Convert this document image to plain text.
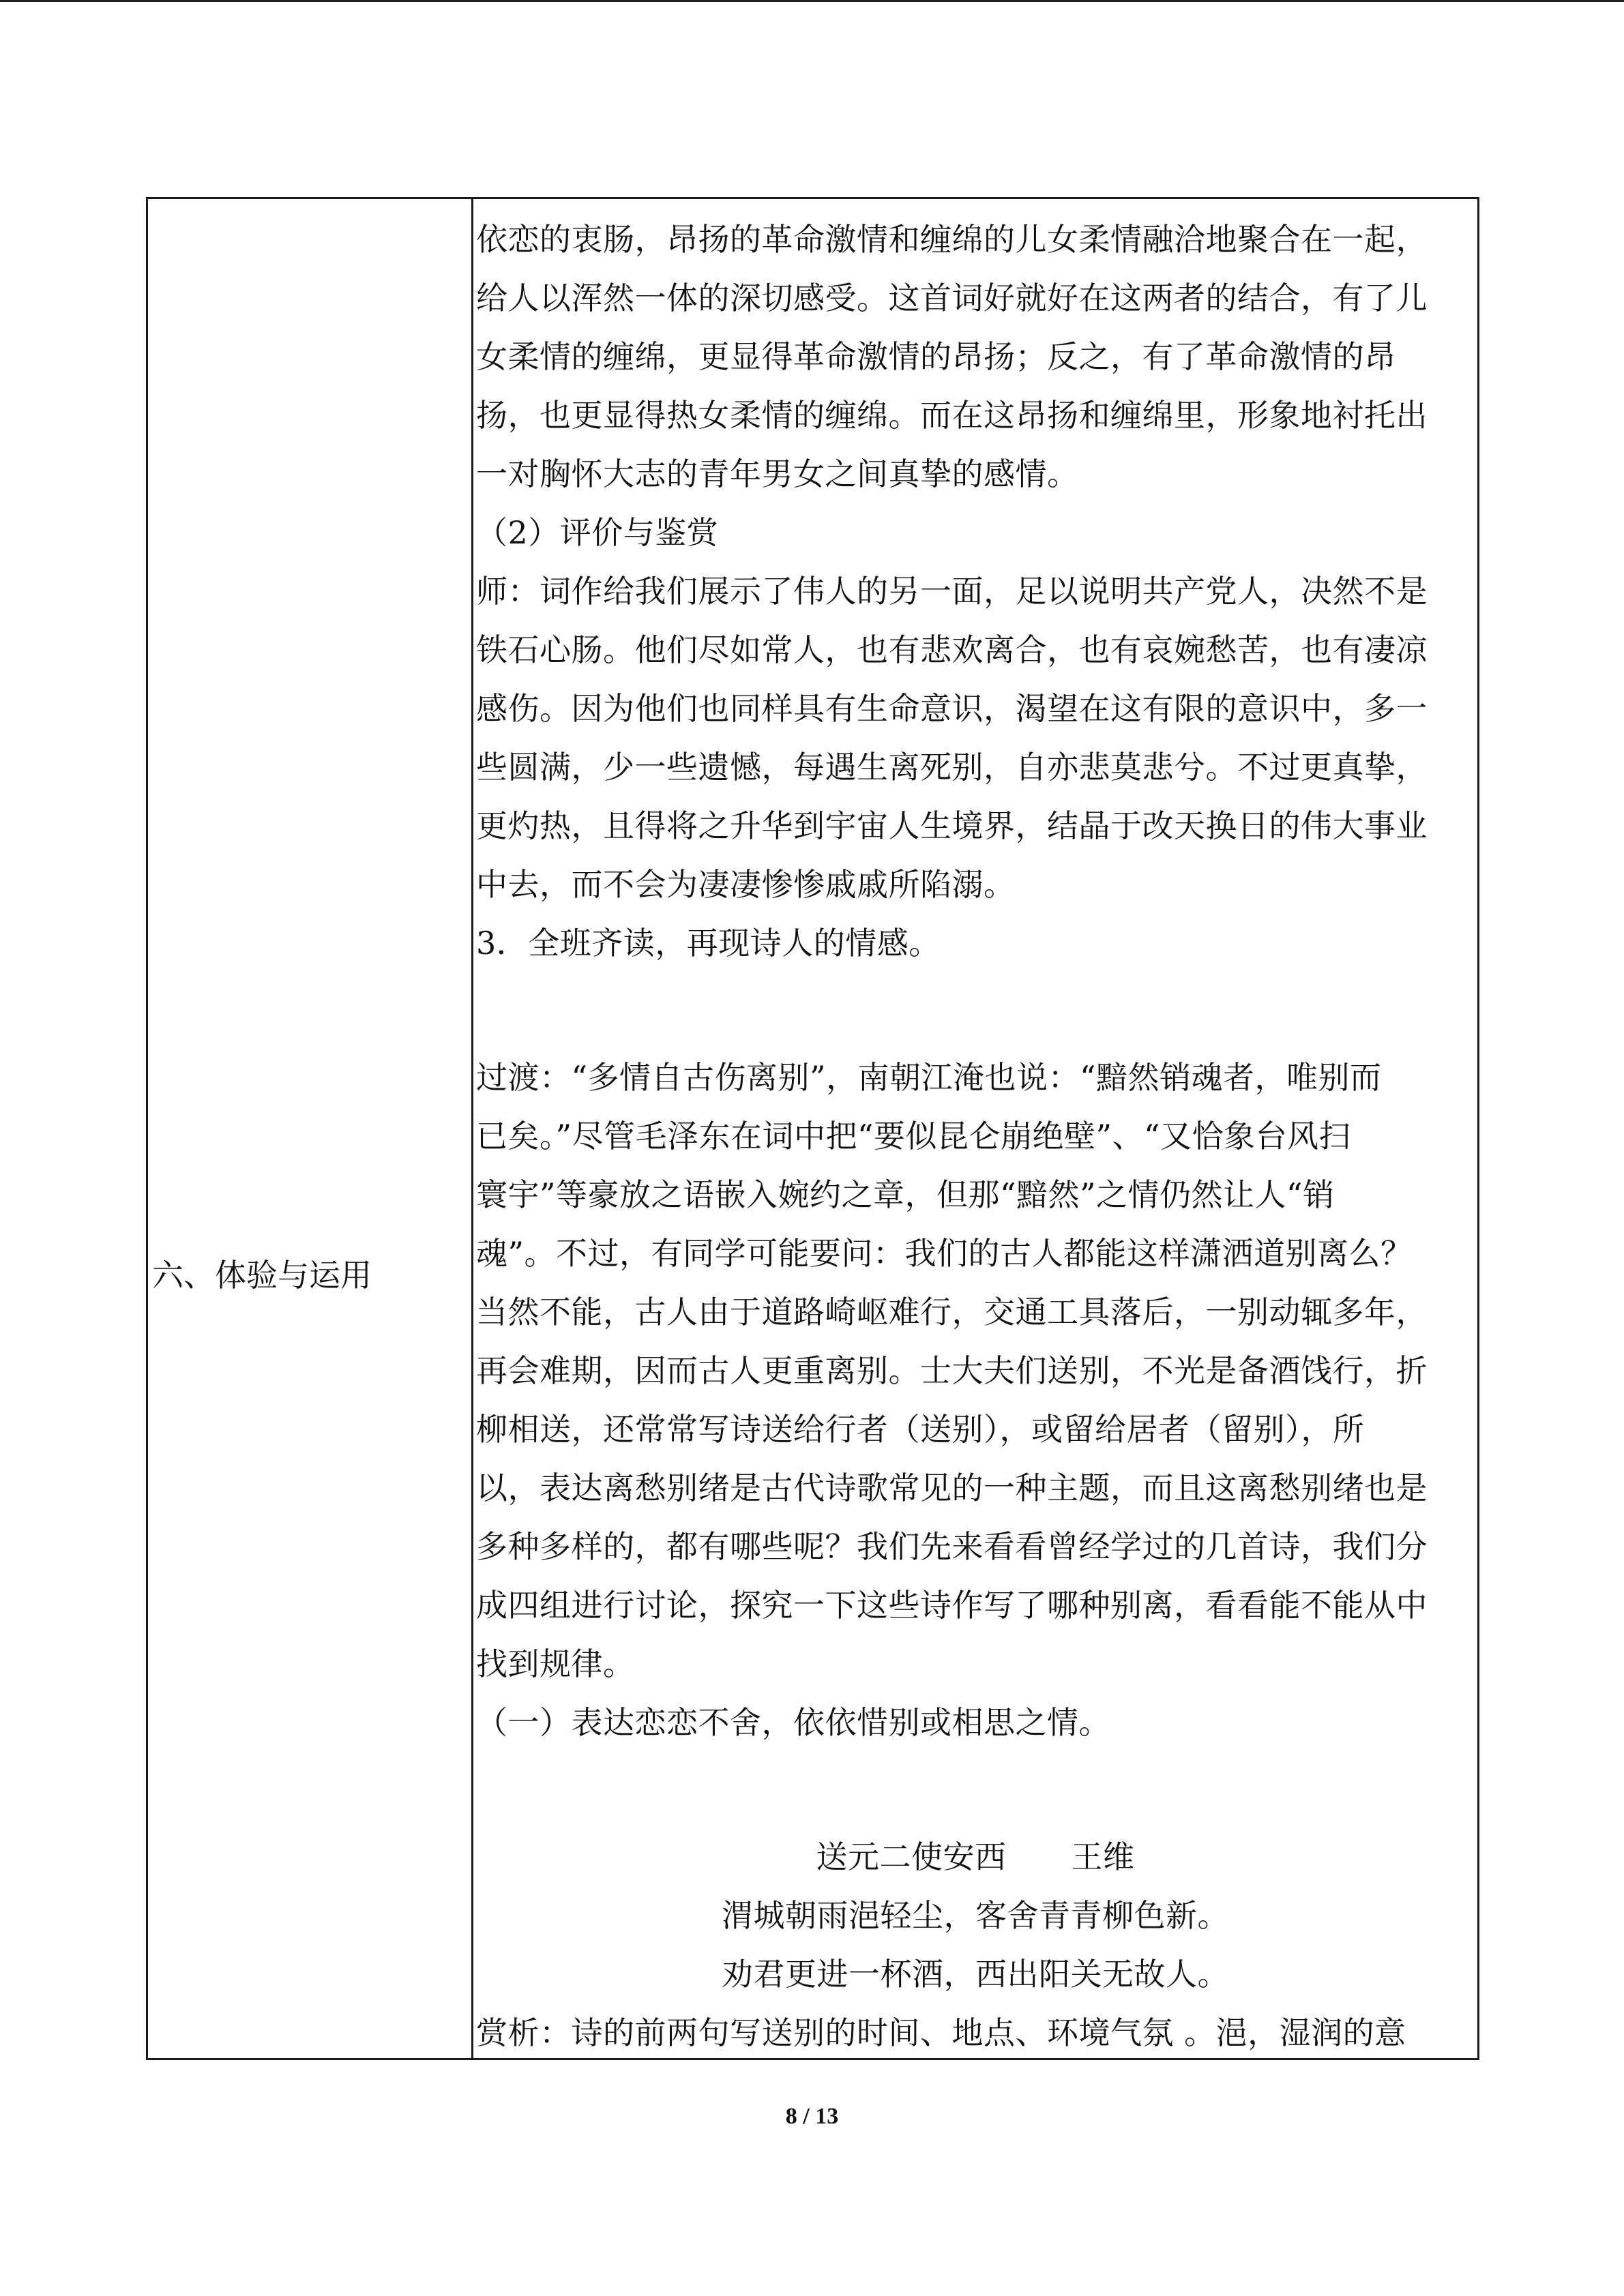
六、体验与运用
依恋的衷肠，昂扬的革命激情和缠绵的儿女柔情融洽地聚合在一起，
给人以浑然一体的深切感受。这首词好就好在这两者的结合，有了儿
女柔情的缠绵，更显得革命激情的昂扬；反之，有了革命激情的昂
扬，也更显得热女柔情的缠绵。而在这昂扬和缠绵里，形象地衬托出
一对胸怀大志的青年男女之间真挚的感情。
（2）评价与鉴赏
师：词作给我们展示了伟人的另一面，足以说明共产党人，决然不是
铁石心肠。他们尽如常人，也有悲欢离合，也有哀婉愁苦，也有凄凉
感伤。因为他们也同样具有生命意识，渴望在这有限的意识中，多一
些圆满，少一些遗憾，每遇生离死别，自亦悲莫悲兮。不过更真挚，
更灼热，且得将之升华到宇宙人生境界，结晶于改天换日的伟大事业
中去，而不会为凄凄惨惨戚戚所陷溺。
3．全班齐读，再现诗人的情感。
过渡：“多情自古伤离别”，南朝江淹也说：“黯然销魂者，唯别而
已矣。”尽管毛泽东在词中把“要似昆仑崩绝壁”、“又恰象台风扫
寰宇”等豪放之语嵌入婉约之章，但那“黯然”之情仍然让人“销
魂”。不过，有同学可能要问：我们的古人都能这样潇洒道别离么？
当然不能，古人由于道路崎岖难行，交通工具落后，一别动辄多年，
再会难期，因而古人更重离别。士大夫们送别，不光是备酒饯行，折
柳相送，还常常写诗送给行者（送别），或留给居者（留别），所
以，表达离愁别绪是古代诗歌常见的一种主题，而且这离愁别绪也是
多种多样的，都有哪些呢？我们先来看看曾经学过的几首诗，我们分
成四组进行讨论，探究一下这些诗作写了哪种别离，看看能不能从中
找到规律。
（一）表达恋恋不舍，依依惜别或相思之情。
送元二使安西 王维
渭城朝雨浥轻尘，客舍青青柳色新。
劝君更进一杯酒，西出阳关无故人。
赏析：诗的前两句写送别的时间、地点、环境气氛 。浥，湿润的意
8 / 13
